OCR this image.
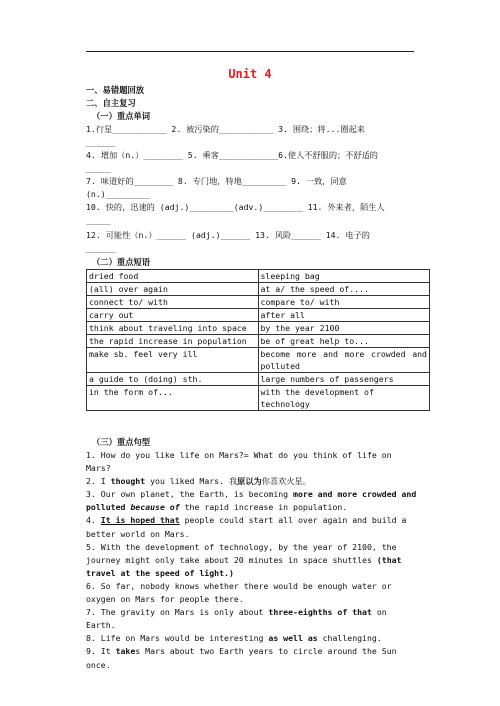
Unit 4
一、易错题回放
二、自主复习
（一）重点单词
1.行星___________ 2. 被污染的___________ 3. 围绕；将...圈起来
______
4. 增加（n.）________ 5. 乘客____________6.使人不舒服的；不舒适的
_____
7. 味道好的________ 8. 专门地，特地_________ 9. 一致，同意
(n.)_________
10. 快的，迅速的 (adj.)_________(adv.)________ 11. 外来者，陌生人
_____
12. 可能性（n.）______ (adj.)______ 13. 风险______ 14. 电子的
______
（二）重点短语
dried food	sleeping bag
(all) over again	at a/ the speed of....
connect to/ with	compare to/ with
carry out	after all
think about traveling into space	by the year 2100
the rapid increase in population	be of great help to...
make sb. feel very ill	become more and more crowded and polluted
a guide to (doing) sth.	large numbers of passengers
in the form of...	with the development of technology
（三）重点句型

1. How do you like life on Mars?= What do you think of life on Mars?

2. I thought you liked Mars. 我原以为你喜欢火星。

3. Our own planet, the Earth, is becoming more and more crowded and polluted because of the rapid increase in population.

4. It is hoped that people could start all over again and build a better world on Mars.

5. With the development of technology, by the year of 2100, the journey might only take about 20 minutes in space shuttles (that travel at the speed of light.)

6. So far, nobody knows whether there would be enough water or oxygen on Mars for people there.

7. The gravity on Mars is only about three-eighths of that on Earth.

8. Life on Mars would be interesting as well as challenging.

9. It takes Mars about two Earth years to circle around the Sun once.
